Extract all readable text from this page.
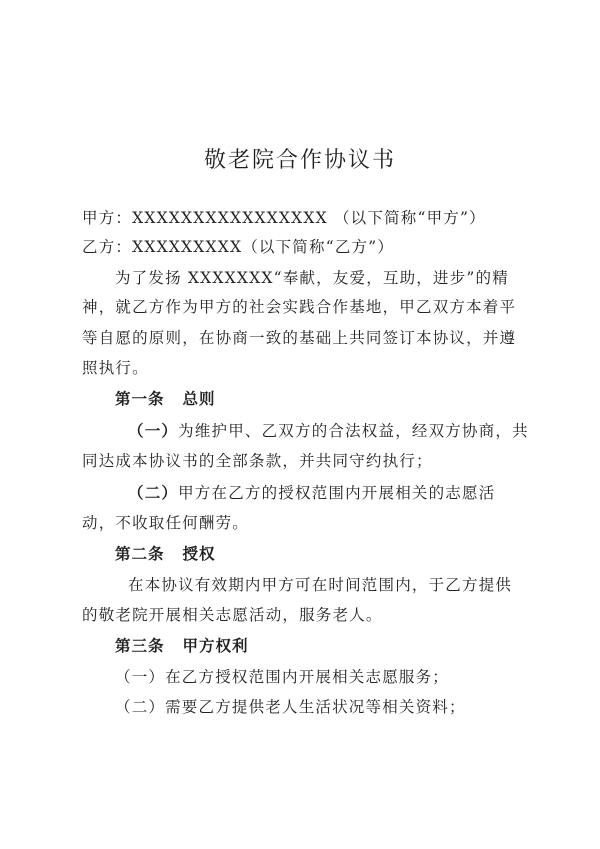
敬老院合作协议书
甲方：XXXXXXXXXXXXXXXX （以下简称“甲方”）
乙方：XXXXXXXXX（以下简称“乙方”）
为了发扬 XXXXXXX“奉献，友爱，互助，进步”的精
神，就乙方作为甲方的社会实践合作基地，甲乙双方本着平
等自愿的原则，在协商一致的基础上共同签订本协议，并遵
照执行。
第一条 总则
（一）为维护甲、乙双方的合法权益，经双方协商，共
同达成本协议书的全部条款，并共同守约执行；
（二）甲方在乙方的授权范围内开展相关的志愿活
动，不收取任何酬劳。
第二条 授权
在本协议有效期内甲方可在时间范围内，于乙方提供
的敬老院开展相关志愿活动，服务老人。
第三条 甲方权利
（一）在乙方授权范围内开展相关志愿服务；
（二）需要乙方提供老人生活状况等相关资料；
